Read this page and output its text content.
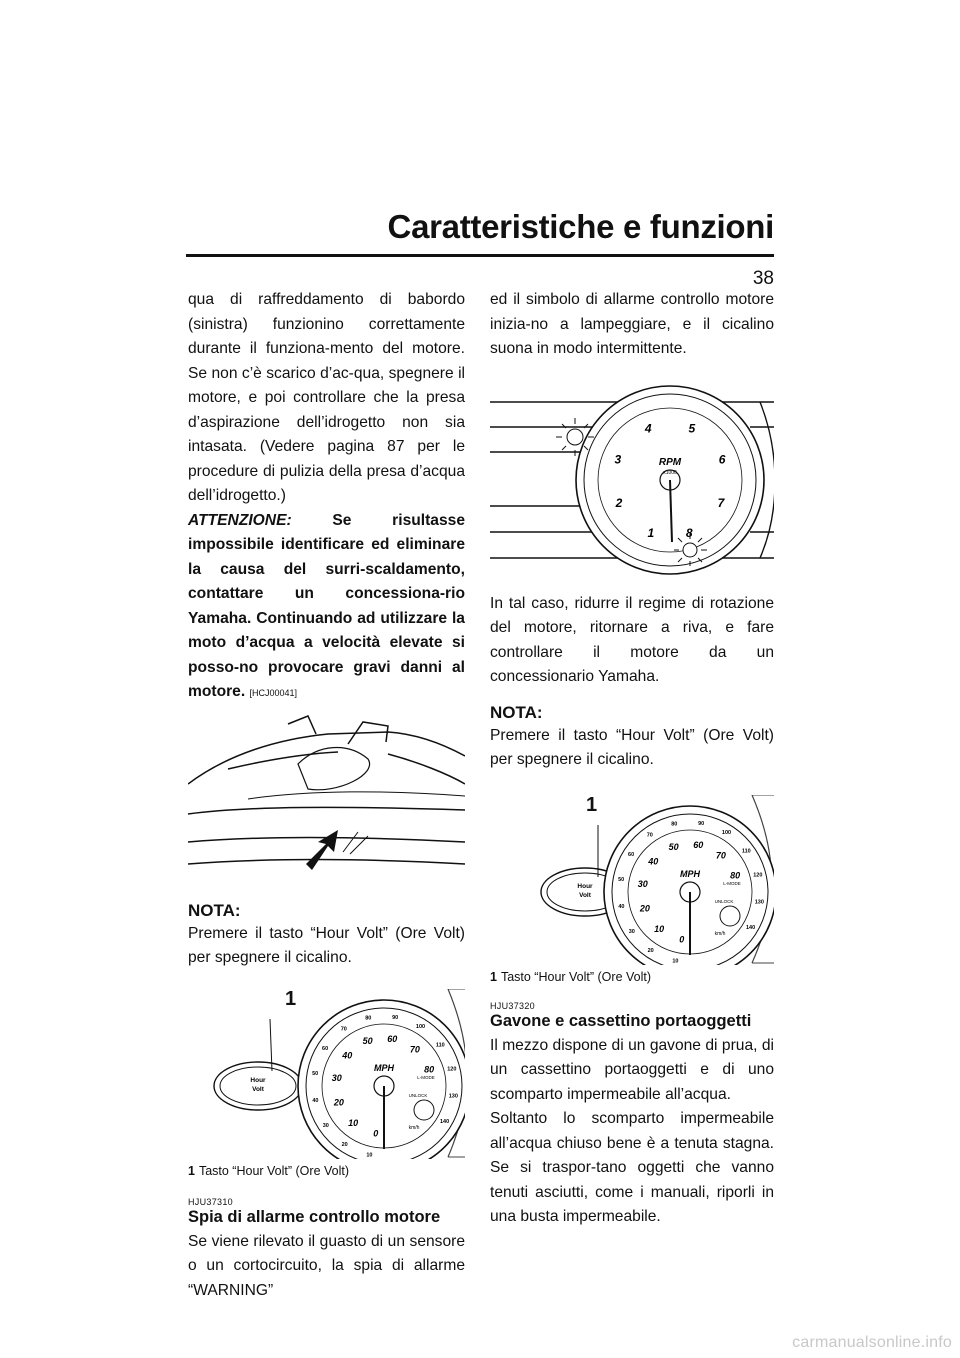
Caratteristiche e funzioni
38

qua di raffreddamento di babordo (sinistra) funzionino correttamente durante il funziona-mento del motore. Se non c’è scarico d’ac-qua, spegnere il motore, e poi controllare che la presa d’aspirazione dell’idrogetto non sia intasata. (Vedere pagina 87 per le procedure di pulizia della presa d’acqua dell’idrogetto.)

ATTENZIONE:	Se risultasse impossibile identificare ed eliminare la causa del surri-scaldamento, contattare un concessiona-rio Yamaha. Continuando ad utilizzare la moto d’acqua a velocità elevate si posso-no provocare gravi danni al motore. [HCJ00041]

NOTA:

Premere il tasto “Hour Volt” (Ore Volt) per spegnere il cicalino.

0
10
20
30
40
50 60
70
80
10
20
30
40
50
60
70
80	90
100
110
120
130
140
Hour
Volt
MPH
UNLOCK
L-MODE
km/h
1

1 Tasto “Hour Volt” (Ore Volt)

HJU37310

Spia di allarme controllo motore

Se viene rilevato il guasto di un sensore o un cortocircuito, la spia di allarme “WARNING”

ed il simbolo di allarme controllo motore inizia-no a lampeggiare, e il cicalino suona in modo intermittente.

1
2
3
4	5
6
7
8
RPM
x1000

In tal caso, ridurre il regime di rotazione del motore, ritornare a riva, e fare controllare il motore da un concessionario Yamaha.

NOTA:

Premere il tasto “Hour Volt” (Ore Volt) per spegnere il cicalino.

0
10
20
30
40
50 60
70
80
10
20
30
40
50
60
70
80	90
100
110
120
130
140
Hour
Volt
MPH
UNLOCK
L-MODE
km/h
1

1 Tasto “Hour Volt” (Ore Volt)

HJU37320

Gavone e cassettino portaoggetti

Il mezzo dispone di un gavone di prua, di un cassettino portaoggetti e di uno scomparto impermeabile all’acqua.

Soltanto lo scomparto impermeabile all’acqua chiuso bene è a tenuta stagna. Se si traspor-tano oggetti che vanno tenuti asciutti, come i manuali, riporli in una busta impermeabile.

carmanualsonline.info
